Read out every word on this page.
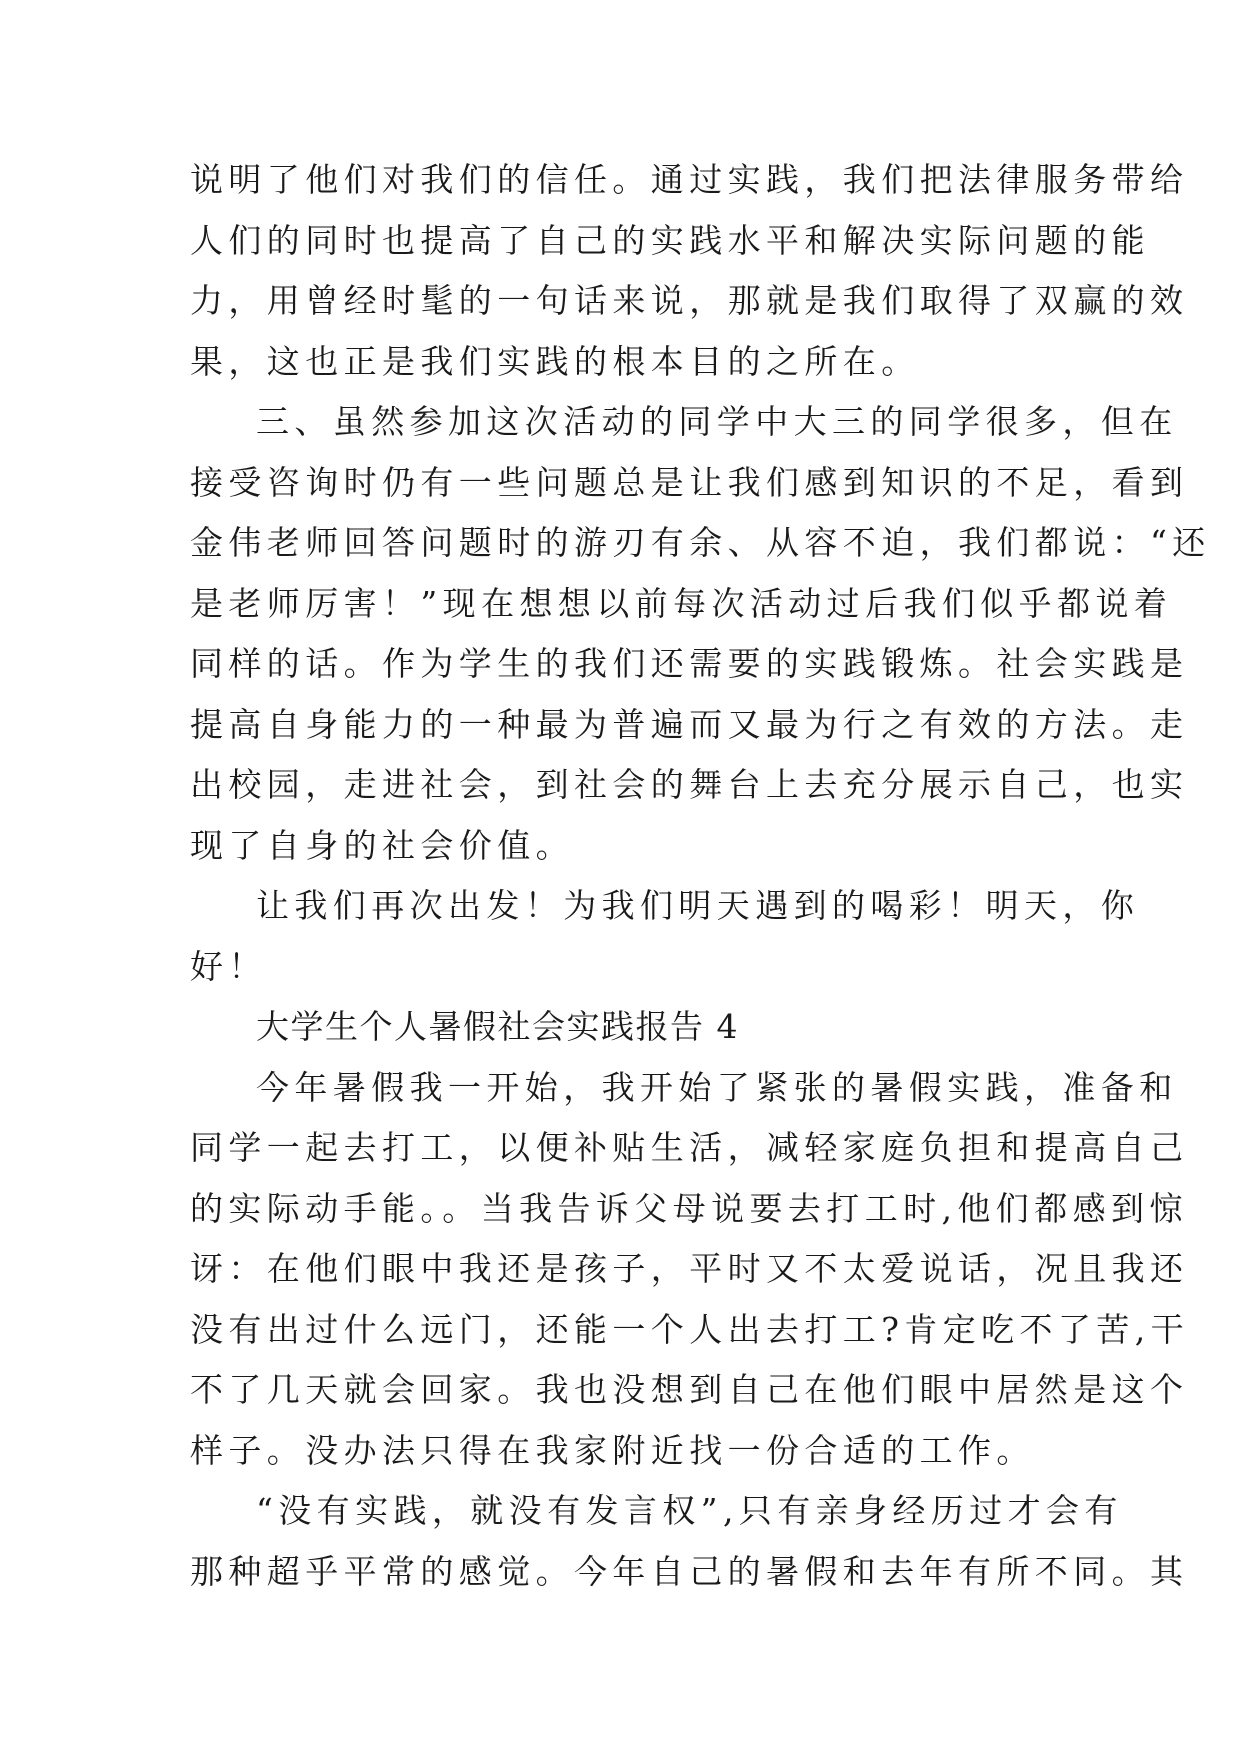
说明了他们对我们的信任。通过实践，我们把法律服务带给
人们的同时也提高了自己的实践水平和解决实际问题的能
力，用曾经时髦的一句话来说，那就是我们取得了双赢的效
果，这也正是我们实践的根本目的之所在。
三、虽然参加这次活动的同学中大三的同学很多，但在
接受咨询时仍有一些问题总是让我们感到知识的不足，看到
金伟老师回答问题时的游刃有余、从容不迫，我们都说：“还
是老师厉害！”现在想想以前每次活动过后我们似乎都说着
同样的话。作为学生的我们还需要的实践锻炼。社会实践是
提高自身能力的一种最为普遍而又最为行之有效的方法。走
出校园，走进社会，到社会的舞台上去充分展示自己，也实
现了自身的社会价值。
让我们再次出发！为我们明天遇到的喝彩！明天，你
好！
大学生个人暑假社会实践报告 4
今年暑假我一开始，我开始了紧张的暑假实践，准备和
同学一起去打工，以便补贴生活，减轻家庭负担和提高自己
的实际动手能。。当我告诉父母说要去打工时,他们都感到惊
讶：在他们眼中我还是孩子，平时又不太爱说话，况且我还
没有出过什么远门，还能一个人出去打工?肯定吃不了苦,干
不了几天就会回家。我也没想到自己在他们眼中居然是这个
样子。没办法只得在我家附近找一份合适的工作。
“没有实践，就没有发言权”,只有亲身经历过才会有
那种超乎平常的感觉。今年自己的暑假和去年有所不同。其
